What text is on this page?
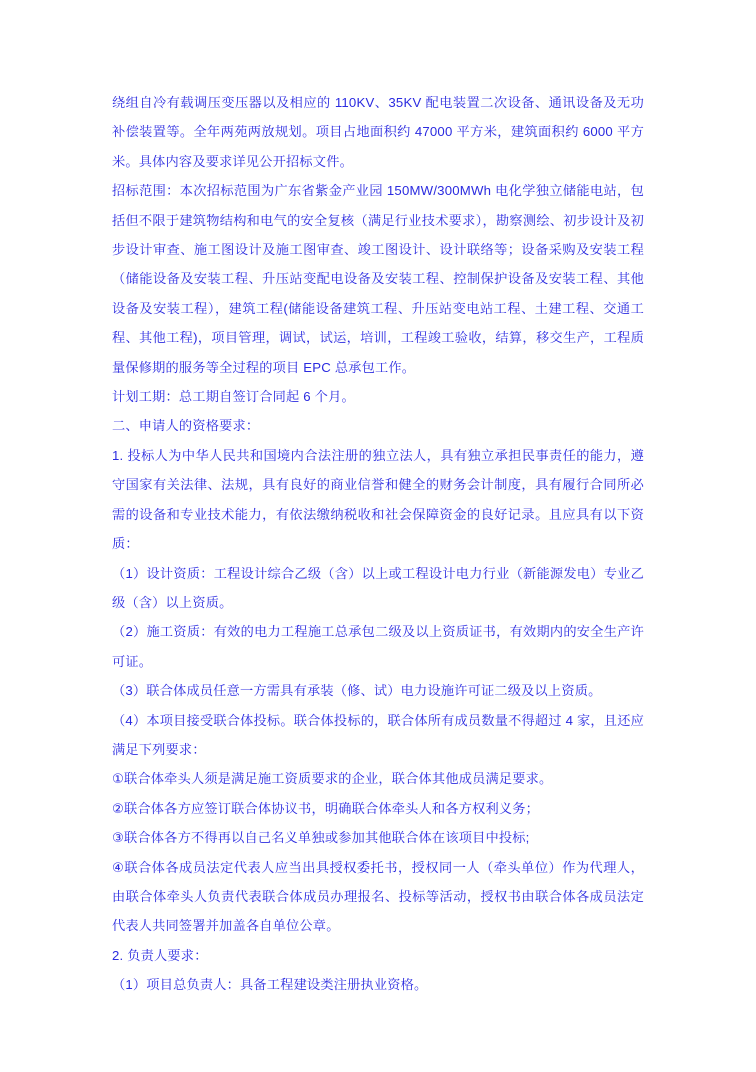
绕组自冷有载调压变压器以及相应的 110KV、35KV 配电装置二次设备、通讯设备及无功补偿装置等。全年两苑两放规划。项目占地面积约 47000 平方米，建筑面积约 6000 平方米。具体内容及要求详见公开招标文件。

招标范围：本次招标范围为广东省紫金产业园 150MW/300MWh 电化学独立储能电站，包括但不限于建筑物结构和电气的安全复核（满足行业技术要求），勘察测绘、初步设计及初步设计审查、施工图设计及施工图审查、竣工图设计、设计联络等；设备采购及安装工程（储能设备及安装工程、升压站变配电设备及安装工程、控制保护设备及安装工程、其他设备及安装工程），建筑工程(储能设备建筑工程、升压站变电站工程、土建工程、交通工程、其他工程)，项目管理，调试，试运，培训，工程竣工验收，结算，移交生产，工程质量保修期的服务等全过程的项目 EPC 总承包工作。

计划工期：总工期自签订合同起 6 个月。

二、申请人的资格要求：

1. 投标人为中华人民共和国境内合法注册的独立法人，具有独立承担民事责任的能力，遵守国家有关法律、法规，具有良好的商业信誉和健全的财务会计制度，具有履行合同所必需的设备和专业技术能力，有依法缴纳税收和社会保障资金的良好记录。且应具有以下资质：

（1）设计资质：工程设计综合乙级（含）以上或工程设计电力行业（新能源发电）专业乙级（含）以上资质。

（2）施工资质：有效的电力工程施工总承包二级及以上资质证书，有效期内的安全生产许可证。

（3）联合体成员任意一方需具有承装（修、试）电力设施许可证二级及以上资质。

（4）本项目接受联合体投标。联合体投标的，联合体所有成员数量不得超过 4 家，且还应满足下列要求：

①联合体牵头人须是满足施工资质要求的企业，联合体其他成员满足要求。

②联合体各方应签订联合体协议书，明确联合体牵头人和各方权利义务；

③联合体各方不得再以自己名义单独或参加其他联合体在该项目中投标;

④联合体各成员法定代表人应当出具授权委托书，授权同一人（牵头单位）作为代理人，由联合体牵头人负责代表联合体成员办理报名、投标等活动，授权书由联合体各成员法定代表人共同签署并加盖各自单位公章。

2. 负责人要求：

（1）项目总负责人：具备工程建设类注册执业资格。
